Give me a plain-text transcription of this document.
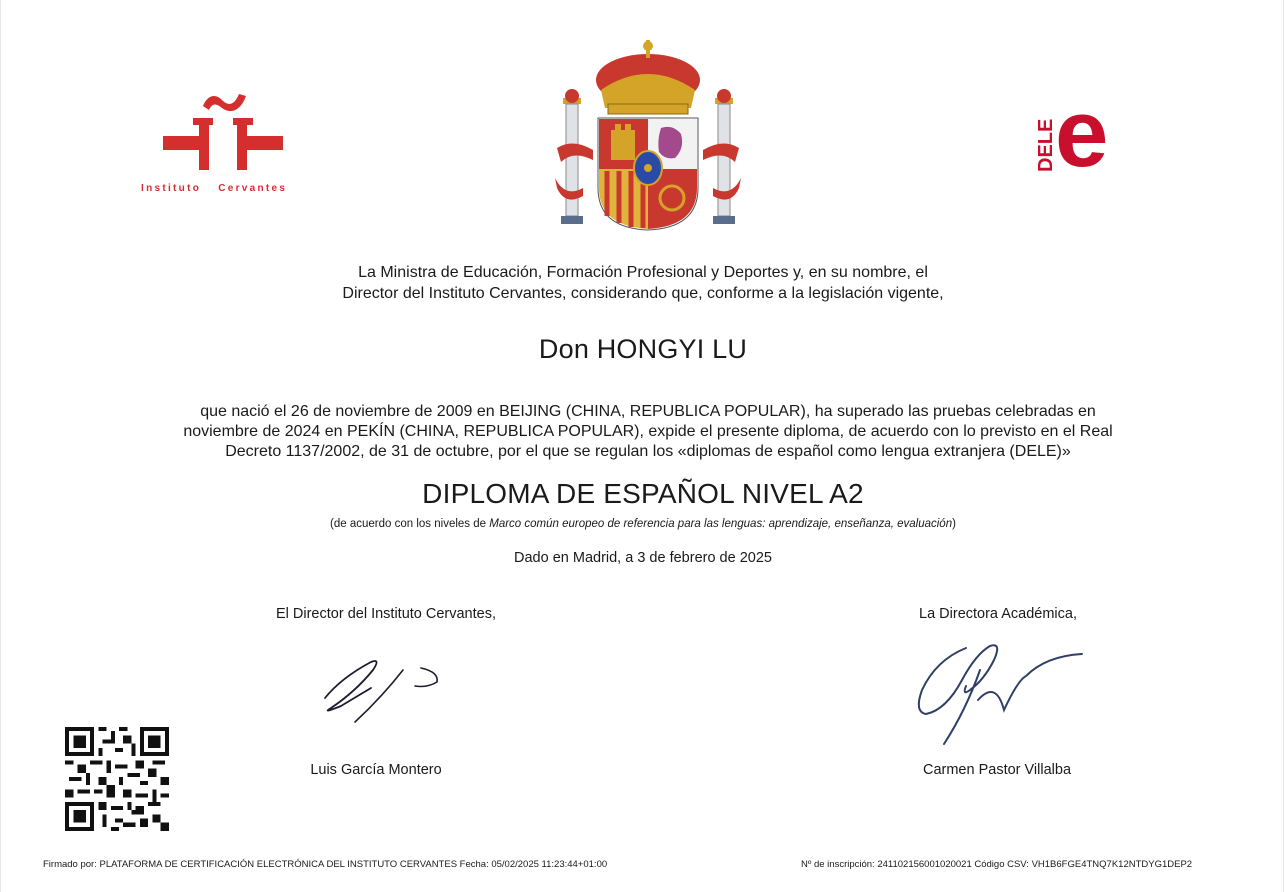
Instituto Cervantes
DELE
e
La Ministra de Educación, Formación Profesional y Deportes y, en su nombre, el
Director del Instituto Cervantes, considerando que, conforme a la legislación vigente,
Don HONGYI LU
que nació el 26 de noviembre de 2009 en BEIJING (CHINA, REPUBLICA POPULAR), ha superado las pruebas celebradas en
noviembre de 2024 en PEKÍN (CHINA, REPUBLICA POPULAR), expide el presente diploma, de acuerdo con lo previsto en el Real
Decreto 1137/2002, de 31 de octubre, por el que se regulan los «diplomas de español como lengua extranjera (DELE)»
DIPLOMA DE ESPAÑOL NIVEL A2
(de acuerdo con los niveles de Marco común europeo de referencia para las lenguas: aprendizaje, enseñanza, evaluación)
Dado en Madrid, a 3 de febrero de 2025
El Director del Instituto Cervantes,	La Directora Académica,
Luis García Montero	Carmen Pastor Villalba
Firmado por: PLATAFORMA DE CERTIFICACIÓN ELECTRÓNICA DEL INSTITUTO CERVANTES Fecha: 05/02/2025 11:23:44+01:00	Nº de inscripción: 241102156001020021 Código CSV: VH1B6FGE4TNQ7K12NTDYG1DEP2
